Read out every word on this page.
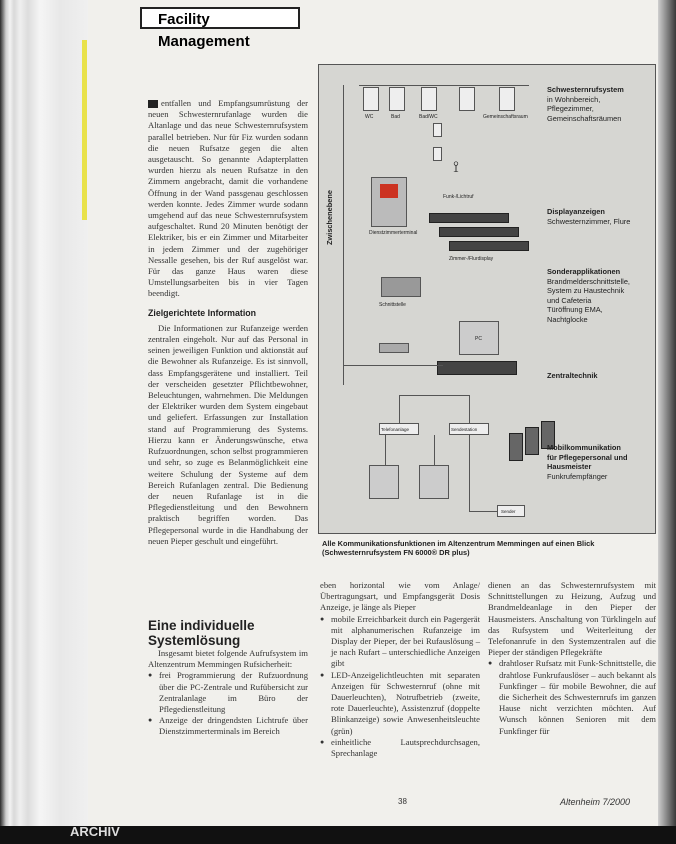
Facility Management

entfallen und Empfangsumrüstung der neuen Schwesternrufanlage wurden die Altanlage und das neue Schwesternrufsystem parallel betrieben. Nur für Fiz wurden sodann die neuen Rufsatze gegen die alten ausgetauscht. So genannte Adapterplatten wurden hierzu als neuen Rufsatze in den Zimmern angebracht, damit die vorhandene Öffnung in der Wand passgenau geschlossen werden konnte. Jedes Zimmer wurde sodann umgehend auf das neue Schwesternrufsystem aufgeschaltet. Rund 20 Minuten benötigt der Elektriker, bis er ein Zimmer und Mitarbeiter in jedem Zimmer und der zugehöriger Nessalle gesehen, bis der Ruf ausgelöst war. Für das ganze Haus waren diese Umstellungsarbeiten bis in vier Tagen beendigt.

Zielgerichtete Information

Die Informationen zur Rufanzeige werden zentralen eingeholt. Nur auf das Personal in seinen jeweiligen Funktion und aktionstät auf die Bewohner als Rufanzeige. Es ist sinnvoll, dass Empfangsgerätene und installiert. Teil der verscheiden gesetzter Pflichtbewohner, Beleuchtungen, wahrnehmen. Die Meldungen der Elektriker wurden dem System eingebaut und geliefert. Erfassungen zur Installation stand auf Programmierung des Systems. Hierzu kann er Änderungswünsche, etwa Rufzuordnungen, schon selbst programmieren und sehr, so zuge es Belanmöglichkeit eine weitere Schulung der Systeme auf dem Bereich Rufanlagen zentral. Die Bedienung der neuen Rufanlage ist in die Pflegedienstleitung und den Bewohnern praktisch begriffen worden. Das Pflegepersonal wurde in die Handhabung der neuen Pieper geschult und eingeführt.

Eine individuelle Systemlösung

Insgesamt bietet folgende Aufrufsystem im Altenzentrum Memmingen Rufsicherheit:

● frei Programmierung der Rufzuordnung über die PC-Zentrale und Rufübersicht zur Zentralanlage im Büro der Pflegedienstleitung

● Anzeige der dringendsten Lichtrufe über Dienstzimmerterminals im Bereich

eben horizontal wie vom Anlage/Übertragungsart, und Empfangsgerät Dosis Anzeige, je länge als Pieper

● mobile Erreichbarkeit durch ein Pagergerät mit alphanumerischen Rufanzeige im Display der Pieper, der bei Rufauslösung – je nach Rufart – unterschiedliche Anzeigen gibt

● LED-Anzeigelichtleuchten mit separaten Anzeigen für Schwesternruf (ohne mit Dauerleuchten), Notrufbetrieb (zweite, rote Dauerleuchte), Assistenzruf (doppelte Blinkanzeige) sowie Anwesenheitsleuchte (grün)

● einheitliche Lautsprechdurchsagen, Sprechanlage

dienen an das Schwesternrufsystem mit Schnittstellungen zu Heizung, Aufzug und Brandmeldeanlage in den Pieper der Hausmeisters. Anschaltung von Türklingeln auf das Rufsystem und Weiterleitung der Telefonanrufe in den Systemzentralen auf die Pieper der ständigen Pflegekräfte

● drahtloser Rufsatz mit Funk-Schnittstelle, die drahtlose Funkrufauslöser – auch bekannt als Funkfinger – für mobile Bewohner, die auf die Sicherheit des Schwesternrufs im ganzen Hause nicht verzichten möchten. Auf Wunsch können Senioren mit dem Funkfinger für

Zwischenebene
WC	Bad	Bad/WC	Gemeinschaftsraum
⟟
Funk-/Lichtruf
Dienstzimmerterminal
Zimmer-/Flurdisplay
Schnittstelle
PC
Telefonanlage	Sendestation
Sender
Schwesternrufsystem
in Wohnbereich,
Pflegezimmer,
Gemeinschaftsräumen
Displayanzeigen
Schwesternzimmer, Flure
Sonderapplikationen
Brandmelderschnittstelle,
System zu Haustechnik
und Cafeteria
Türöffnung EMA,
Nachtglocke
Zentraltechnik
Mobilkommunikation
für Pflegepersonal und
Hausmeister
Funkrufempfänger
Alle Kommunikationsfunktionen im Altenzentrum Memmingen auf einen Blick (Schwesternrufsystem FN 6000® DR plus)
38	Altenheim 7/2000
ARCHIV
